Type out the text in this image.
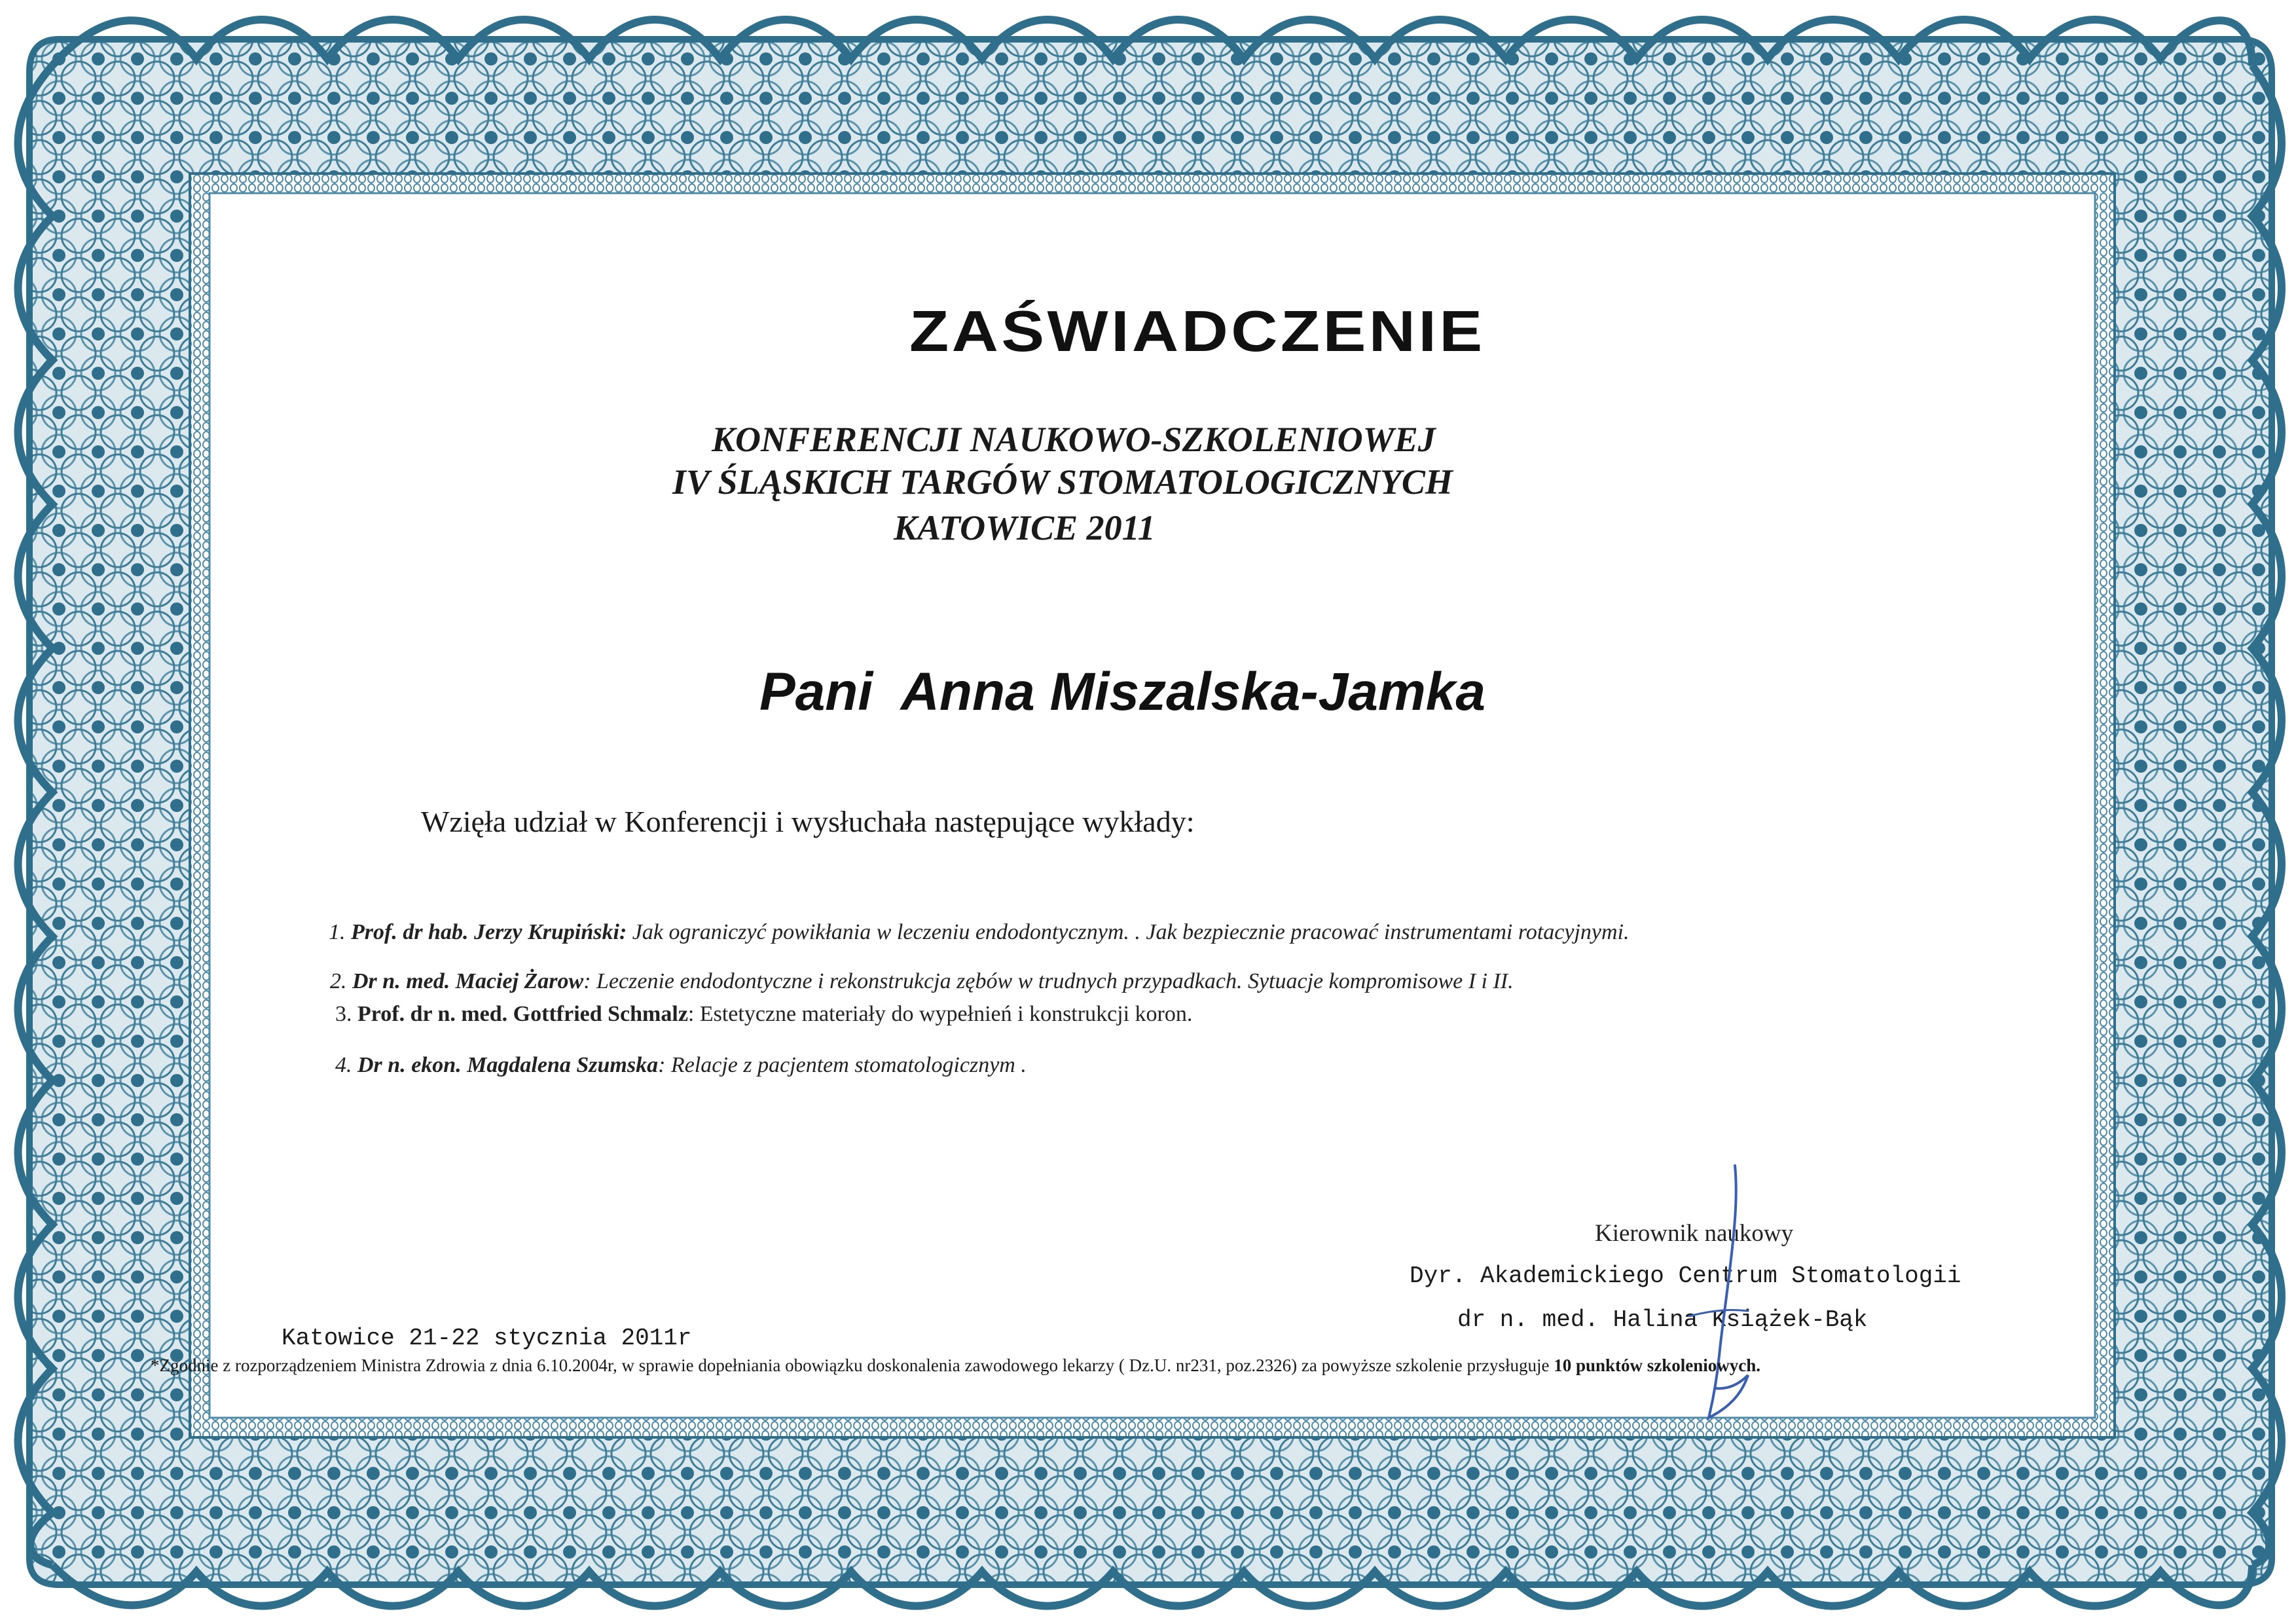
ZAŚWIADCZENIE
KONFERENCJI NAUKOWO-SZKOLENIOWEJ
IV ŚLĄSKICH TARGÓW STOMATOLOGICZNYCH
KATOWICE 2011
Pani  Anna Miszalska-Jamka
Wzięła udział w Konferencji i wysłuchała następujące wykłady:
1. Prof. dr hab. Jerzy Krupiński: Jak ograniczyć powikłania w leczeniu endodontycznym. . Jak bezpiecznie pracować instrumentami rotacyjnymi.
2. Dr n. med. Maciej Żarow: Leczenie endodontyczne i rekonstrukcja zębów w trudnych przypadkach. Sytuacje kompromisowe I i II.
3. Prof. dr n. med. Gottfried Schmalz: Estetyczne materiały do wypełnień i konstrukcji koron.
4. Dr n. ekon. Magdalena Szumska: Relacje z pacjentem stomatologicznym .
Kierownik naukowy
Dyr. Akademickiego Centrum Stomatologii
dr n. med. Halina Książek-Bąk
Katowice 21-22 stycznia 2011r
*Zgodnie z rozporządzeniem Ministra Zdrowia z dnia 6.10.2004r, w sprawie dopełniania obowiązku doskonalenia zawodowego lekarzy ( Dz.U. nr231, poz.2326) za powyższe szkolenie przysługuje 10 punktów szkoleniowych.
